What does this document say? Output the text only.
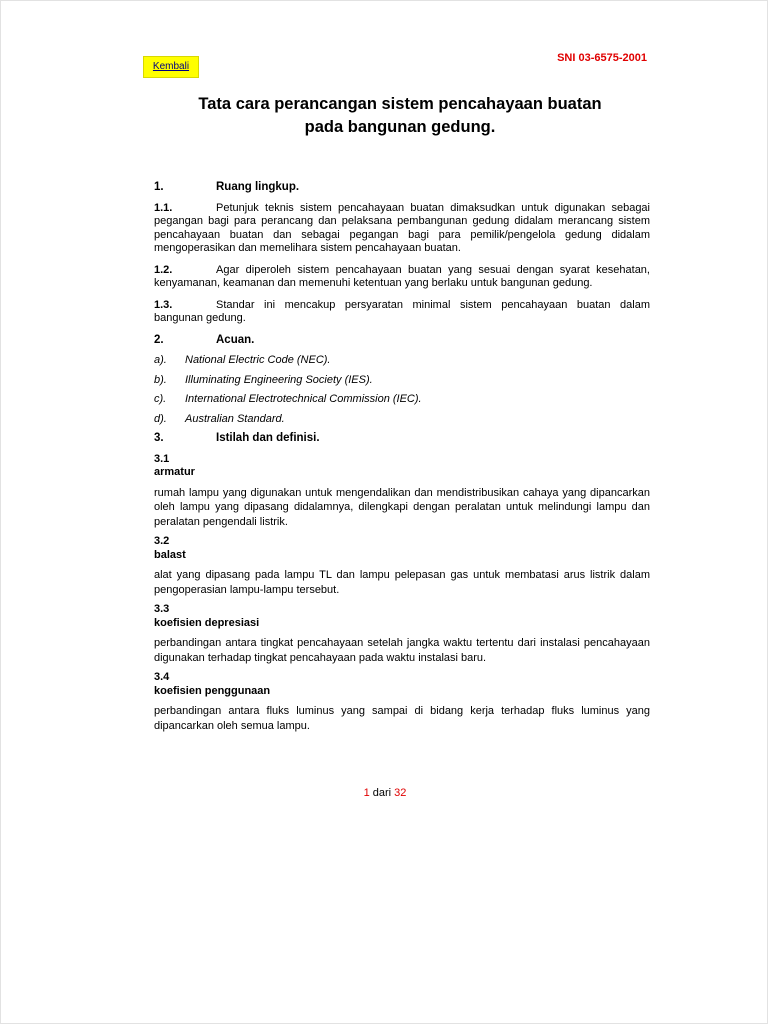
Kembali
SNI 03-6575-2001
Tata cara perancangan sistem pencahayaan buatan
pada bangunan gedung.
1.	Ruang lingkup.
1.1.	Petunjuk teknis sistem pencahayaan buatan dimaksudkan untuk digunakan sebagai pegangan bagi para perancang dan pelaksana pembangunan gedung didalam merancang sistem pencahayaan buatan dan sebagai pegangan bagi para pemilik/pengelola gedung didalam mengoperasikan dan memelihara sistem pencahayaan buatan.
1.2.	Agar diperoleh sistem pencahayaan buatan yang sesuai dengan syarat kesehatan, kenyamanan, keamanan dan memenuhi ketentuan yang berlaku untuk bangunan gedung.
1.3.	Standar ini mencakup persyaratan minimal sistem pencahayaan buatan dalam bangunan gedung.
2.	Acuan.
a).	National Electric Code (NEC).
b).	Illuminating Engineering Society (IES).
c).	International Electrotechnical Commission (IEC).
d).	Australian Standard.
3.	Istilah dan definisi.
3.1
armatur
rumah lampu yang digunakan untuk mengendalikan dan mendistribusikan cahaya yang dipancarkan oleh lampu yang dipasang didalamnya, dilengkapi dengan peralatan untuk melindungi lampu dan peralatan pengendali listrik.
3.2
balast
alat yang dipasang pada lampu TL dan lampu pelepasan gas untuk membatasi arus listrik dalam pengoperasian lampu-lampu tersebut.
3.3
koefisien depresiasi
perbandingan antara tingkat pencahayaan setelah jangka waktu tertentu dari instalasi pencahayaan digunakan terhadap tingkat pencahayaan pada waktu instalasi baru.
3.4
koefisien penggunaan
perbandingan antara fluks luminus yang sampai di bidang kerja terhadap fluks luminus yang dipancarkan oleh semua lampu.
1 dari 32
